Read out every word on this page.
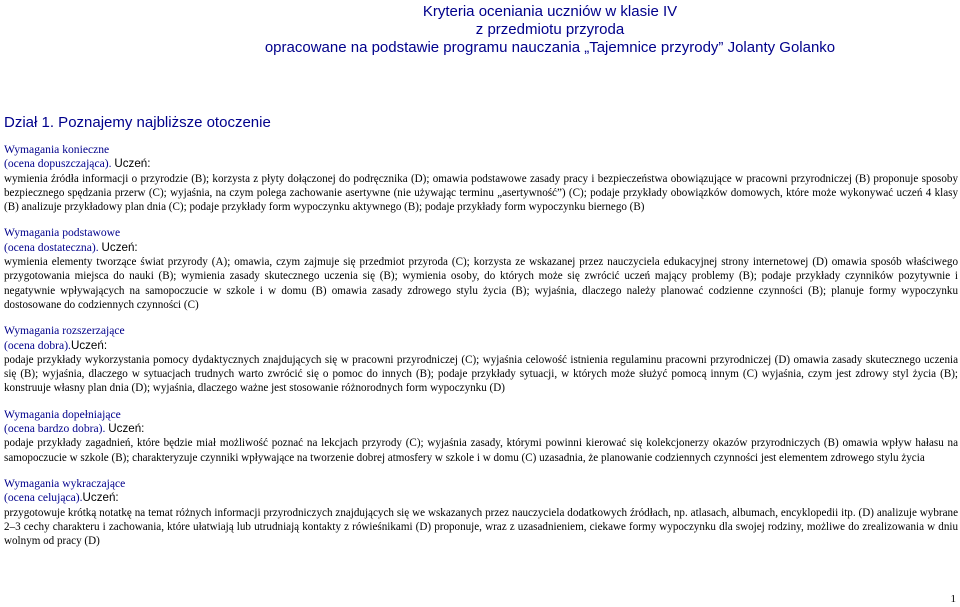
Kryteria oceniania uczniów w klasie IV
z przedmiotu przyroda
opracowane na podstawie programu nauczania „Tajemnice przyrody” Jolanty Golanko
Dział 1. Poznajemy najbliższe otoczenie
Wymagania konieczne
(ocena dopuszczająca). Uczeń:
wymienia źródła informacji o przyrodzie (B); korzysta z płyty dołączonej do podręcznika (D); omawia podstawowe zasady pracy i bezpieczeństwa obowiązujące w pracowni przyrodniczej (B) proponuje sposoby bezpiecznego spędzania przerw (C); wyjaśnia, na czym polega zachowanie asertywne (nie używając terminu „asertywność”) (C); podaje przykłady obowiązków domowych, które może wykonywać uczeń 4 klasy (B) analizuje przykładowy plan dnia (C); podaje przykłady form wypoczynku aktywnego (B); podaje przykłady form wypoczynku biernego (B)
Wymagania podstawowe
(ocena dostateczna). Uczeń:
wymienia elementy tworzące świat przyrody (A); omawia, czym zajmuje się przedmiot przyroda (C); korzysta ze wskazanej przez nauczyciela edukacyjnej strony internetowej (D) omawia sposób właściwego przygotowania miejsca do nauki (B); wymienia zasady skutecznego uczenia się (B); wymienia osoby, do których może się zwrócić uczeń mający problemy (B); podaje przykłady czynników pozytywnie i negatywnie wpływających na samopoczucie w szkole i w domu (B) omawia zasady zdrowego stylu życia (B); wyjaśnia, dlaczego należy planować codzienne czynności (B); planuje formy wypoczynku dostosowane do codziennych czynności (C)
Wymagania rozszerzające
(ocena dobra).Uczeń:
podaje przykłady wykorzystania pomocy dydaktycznych znajdujących się w pracowni przyrodniczej (C); wyjaśnia celowość istnienia regulaminu pracowni przyrodniczej (D) omawia zasady skutecznego uczenia się (B); wyjaśnia, dlaczego w sytuacjach trudnych warto zwrócić się o pomoc do innych (B); podaje przykłady sytuacji, w których może służyć pomocą innym (C) wyjaśnia, czym jest zdrowy styl życia (B); konstruuje własny plan dnia (D); wyjaśnia, dlaczego ważne jest stosowanie różnorodnych form wypoczynku (D)
Wymagania dopełniające
(ocena bardzo dobra). Uczeń:
podaje przykłady zagadnień, które będzie miał możliwość poznać na lekcjach przyrody (C); wyjaśnia zasady, którymi powinni kierować się kolekcjonerzy okazów przyrodniczych (B) omawia wpływ hałasu na samopoczucie w szkole (B); charakteryzuje czynniki wpływające na tworzenie dobrej atmosfery w szkole i w domu (C) uzasadnia, że planowanie codziennych czynności jest elementem zdrowego stylu życia
Wymagania wykraczające
(ocena celująca).Uczeń:
przygotowuje krótką notatkę na temat różnych informacji przyrodniczych znajdujących się we wskazanych przez nauczyciela dodatkowych źródłach, np. atlasach, albumach, encyklopedii itp. (D) analizuje wybrane 2–3 cechy charakteru i zachowania, które ułatwiają lub utrudniają kontakty z rówieśnikami (D) proponuje, wraz z uzasadnieniem, ciekawe formy wypoczynku dla swojej rodziny, możliwe do zrealizowania w dniu wolnym od pracy (D)
1
